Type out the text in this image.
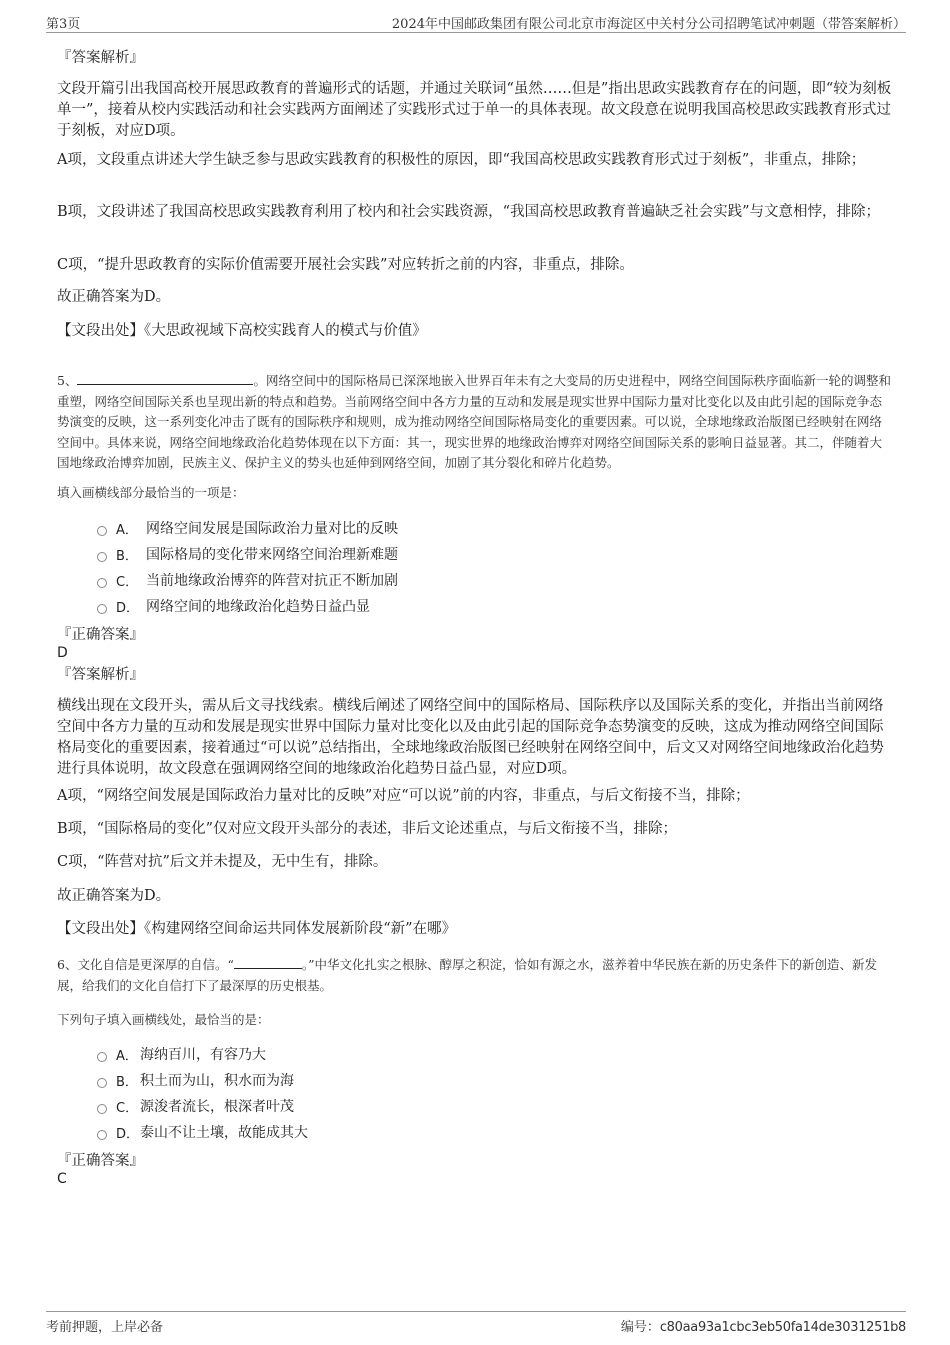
第3页	2024年中国邮政集团有限公司北京市海淀区中关村分公司招聘笔试冲刺题（带答案解析）
『答案解析』

文段开篇引出我国高校开展思政教育的普遍形式的话题，并通过关联词“虽然……但是”指出思政实践教育存在的问题，即“较为刻板单一”，接着从校内实践活动和社会实践两方面阐述了实践形式过于单一的具体表现。故文段意在说明我国高校思政实践教育形式过于刻板，对应D项。

A项，文段重点讲述大学生缺乏参与思政实践教育的积极性的原因，即“我国高校思政实践教育形式过于刻板”，非重点，排除；

B项，文段讲述了我国高校思政实践教育利用了校内和社会实践资源，“我国高校思政教育普遍缺乏社会实践”与文意相悖，排除；

C项，“提升思政教育的实际价值需要开展社会实践”对应转折之前的内容，非重点，排除。

故正确答案为D。

【文段出处】《大思政视域下高校实践育人的模式与价值》

5、	。网络空间中的国际格局已深深地嵌入世界百年未有之大变局的历史进程中，网络空间国际秩序面临新一轮的调整和重塑，网络空间国际关系也呈现出新的特点和趋势。当前网络空间中各方力量的互动和发展是现实世界中国际力量对比变化以及由此引起的国际竞争态势演变的反映，这一系列变化冲击了既有的国际秩序和规则，成为推动网络空间国际格局变化的重要因素。可以说，全球地缘政治版图已经映射在网络空间中。具体来说，网络空间地缘政治化趋势体现在以下方面：其一，现实世界的地缘政治博弈对网络空间国际关系的影响日益显著。其二，伴随着大国地缘政治博弈加剧，民族主义、保护主义的势头也延伸到网络空间，加剧了其分裂化和碎片化趋势。

填入画横线部分最恰当的一项是：

A． 网络空间发展是国际政治力量对比的反映
B． 国际格局的变化带来网络空间治理新难题
C． 当前地缘政治博弈的阵营对抗正不断加剧
D． 网络空间的地缘政治化趋势日益凸显
『正确答案』
D
『答案解析』

横线出现在文段开头，需从后文寻找线索。横线后阐述了网络空间中的国际格局、国际秩序以及国际关系的变化，并指出当前网络空间中各方力量的互动和发展是现实世界中国际力量对比变化以及由此引起的国际竞争态势演变的反映，这成为推动网络空间国际格局变化的重要因素，接着通过“可以说”总结指出，全球地缘政治版图已经映射在网络空间中，后文又对网络空间地缘政治化趋势进行具体说明，故文段意在强调网络空间的地缘政治化趋势日益凸显，对应D项。

A项，“网络空间发展是国际政治力量对比的反映”对应“可以说”前的内容，非重点，与后文衔接不当，排除；

B项，“国际格局的变化”仅对应文段开头部分的表述，非后文论述重点，与后文衔接不当，排除；

C项，“阵营对抗”后文并未提及，无中生有，排除。

故正确答案为D。

【文段出处】《构建网络空间命运共同体发展新阶段“新”在哪》

6、文化自信是更深厚的自信。“	。”中华文化扎实之根脉、醇厚之积淀，恰如有源之水，滋养着中华民族在新的历史条件下的新创造、新发展，给我们的文化自信打下了最深厚的历史根基。

下列句子填入画横线处，最恰当的是：

A． 海纳百川，有容乃大
B． 积土而为山，积水而为海
C． 源浚者流长，根深者叶茂
D． 泰山不让土壤，故能成其大
『正确答案』
C
考前押题，上岸必备	编号：c80aa93a1cbc3eb50fa14de3031251b8
